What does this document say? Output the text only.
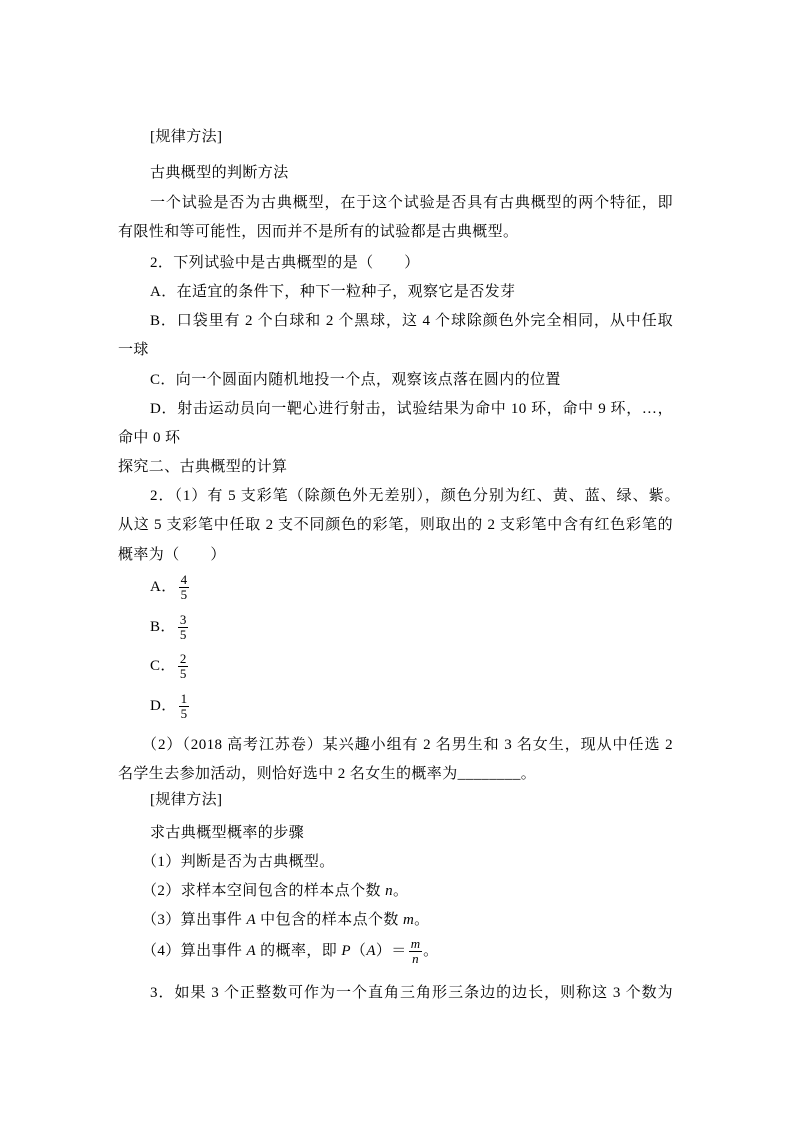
[规律方法]
古典概型的判断方法
一个试验是否为古典概型，在于这个试验是否具有古典概型的两个特征，即
有限性和等可能性，因而并不是所有的试验都是古典概型。
2．下列试验中是古典概型的是（　　）
A．在适宜的条件下，种下一粒种子，观察它是否发芽
B．口袋里有 2 个白球和 2 个黑球，这 4 个球除颜色外完全相同，从中任取
一球
C．向一个圆面内随机地投一个点，观察该点落在圆内的位置
D．射击运动员向一靶心进行射击，试验结果为命中 10 环，命中 9 环，…，
命中 0 环
探究二、古典概型的计算
2．（1）有 5 支彩笔（除颜色外无差别），颜色分别为红、黄、蓝、绿、紫。
从这 5 支彩笔中任取 2 支不同颜色的彩笔，则取出的 2 支彩笔中含有红色彩笔的
概率为（　　）
A． $\frac{4}{5}$
B． $\frac{3}{5}$
C． $\frac{2}{5}$
D． $\frac{1}{5}$
（2）（2018 高考江苏卷）某兴趣小组有 2 名男生和 3 名女生，现从中任选 2
名学生去参加活动，则恰好选中 2 名女生的概率为________。
[规律方法]
求古典概型概率的步骤
（1）判断是否为古典概型。
（2）求样本空间包含的样本点个数 n。
（3）算出事件 A 中包含的样本点个数 m。
（4）算出事件 A 的概率，即 $P(A)= \frac{m}{n}$ 。
3．如果 3 个正整数可作为一个直角三角形三条边的边长，则称这 3 个数为
